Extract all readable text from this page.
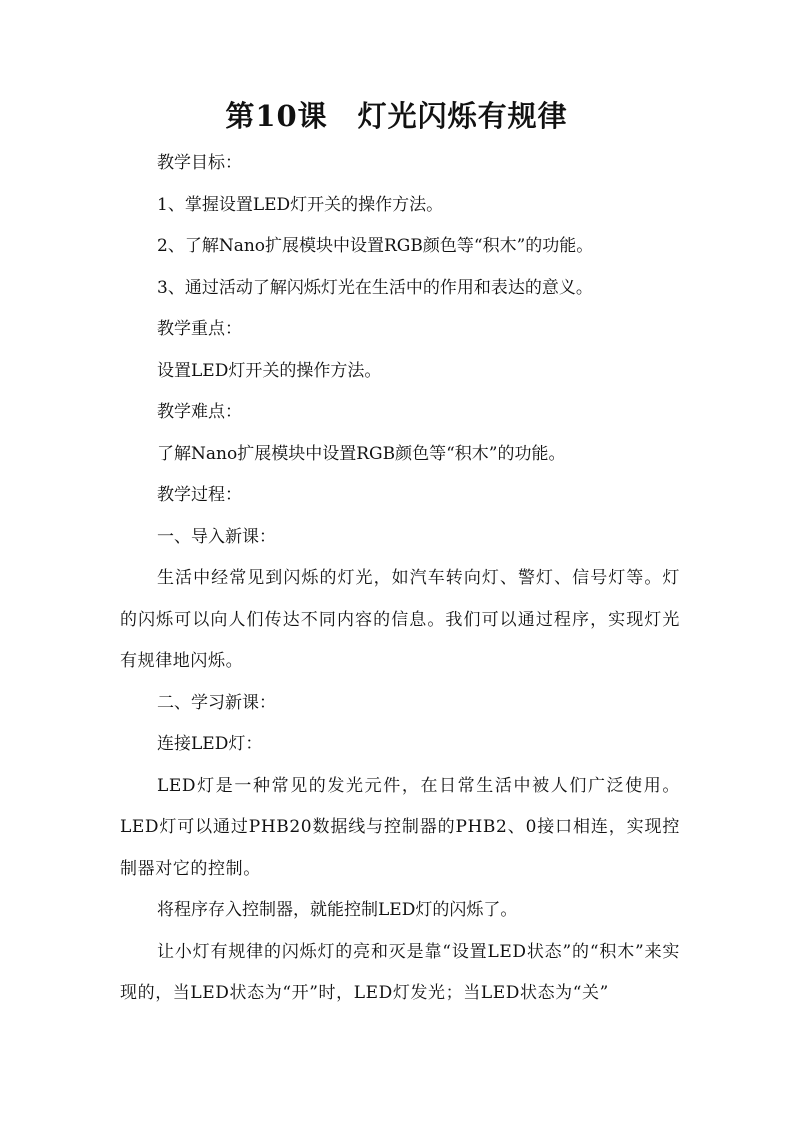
第10课　灯光闪烁有规律

教学目标：

1、掌握设置LED灯开关的操作方法。

2、了解Nano扩展模块中设置RGB颜色等“积木”的功能。

3、通过活动了解闪烁灯光在生活中的作用和表达的意义。

教学重点：

设置LED灯开关的操作方法。

教学难点：

了解Nano扩展模块中设置RGB颜色等“积木”的功能。

教学过程：

一、导入新课：

生活中经常见到闪烁的灯光，如汽车转向灯、警灯、信号灯等。灯的闪烁可以向人们传达不同内容的信息。我们可以通过程序，实现灯光有规律地闪烁。

二、学习新课：

连接LED灯：

LED灯是一种常见的发光元件，在日常生活中被人们广泛使用。LED灯可以通过PHB20数据线与控制器的PHB2、0接口相连，实现控制器对它的控制。

将程序存入控制器，就能控制LED灯的闪烁了。

让小灯有规律的闪烁灯的亮和灭是靠“设置LED状态”的“积木”来实现的，当LED状态为“开”时，LED灯发光；当LED状态为“关”
